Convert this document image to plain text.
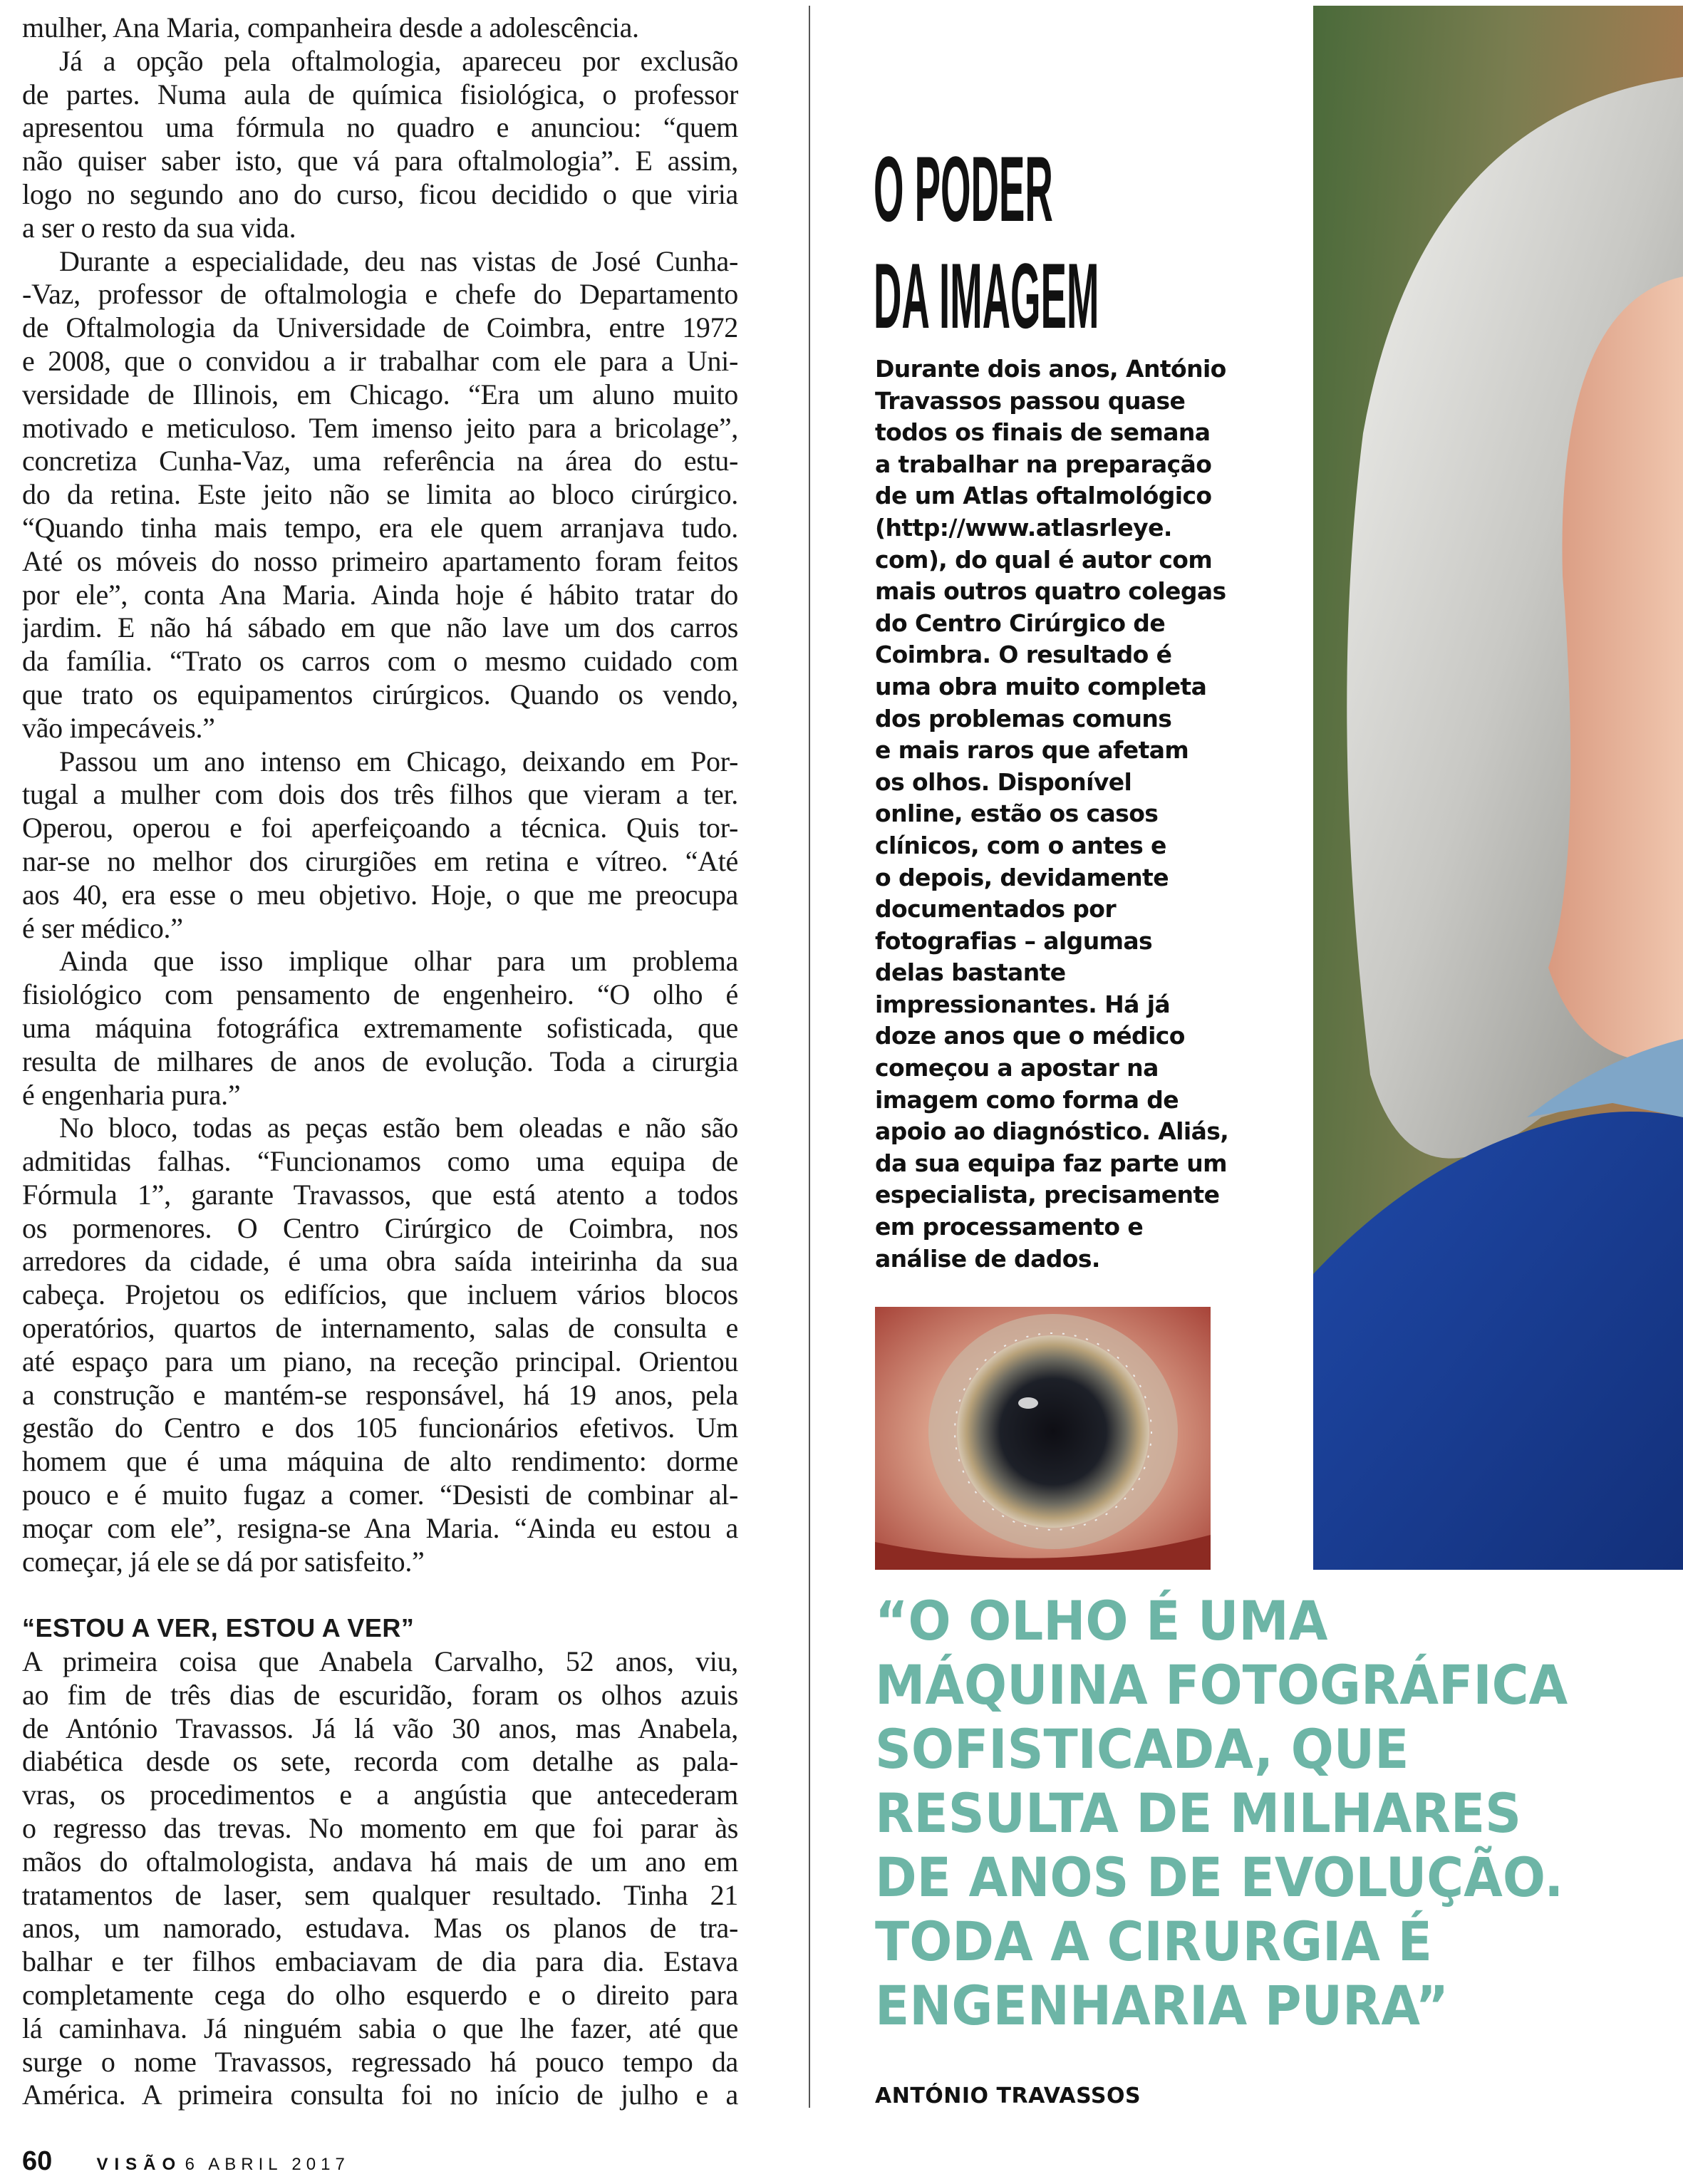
mulher, Ana Maria, companheira desde a adolescência.
Já a opção pela oftalmologia, apareceu por exclusão
de partes. Numa aula de química fisiológica, o professor
apresentou uma fórmula no quadro e anunciou: “quem
não quiser saber isto, que vá para oftalmologia”. E assim,
logo no segundo ano do curso, ficou decidido o que viria
a ser o resto da sua vida.
Durante a especialidade, deu nas vistas de José Cunha-
-Vaz, professor de oftalmologia e chefe do Departamento
de Oftalmologia da Universidade de Coimbra, entre 1972
e 2008, que o convidou a ir trabalhar com ele para a Uni-
versidade de Illinois, em Chicago. “Era um aluno muito
motivado e meticuloso. Tem imenso jeito para a bricolage”,
concretiza Cunha-Vaz, uma referência na área do estu-
do da retina. Este jeito não se limita ao bloco cirúrgico.
“Quando tinha mais tempo, era ele quem arranjava tudo.
Até os móveis do nosso primeiro apartamento foram feitos
por ele”, conta Ana Maria. Ainda hoje é hábito tratar do
jardim. E não há sábado em que não lave um dos carros
da família. “Trato os carros com o mesmo cuidado com
que trato os equipamentos cirúrgicos. Quando os vendo,
vão impecáveis.”
Passou um ano intenso em Chicago, deixando em Por-
tugal a mulher com dois dos três filhos que vieram a ter.
Operou, operou e foi aperfeiçoando a técnica. Quis tor-
nar-se no melhor dos cirurgiões em retina e vítreo. “Até
aos 40, era esse o meu objetivo. Hoje, o que me preocupa
é ser médico.”
Ainda que isso implique olhar para um problema
fisiológico com pensamento de engenheiro. “O olho é
uma máquina fotográfica extremamente sofisticada, que
resulta de milhares de anos de evolução. Toda a cirurgia
é engenharia pura.”
No bloco, todas as peças estão bem oleadas e não são
admitidas falhas. “Funcionamos como uma equipa de
Fórmula 1”, garante Travassos, que está atento a todos
os pormenores. O Centro Cirúrgico de Coimbra, nos
arredores da cidade, é uma obra saída inteirinha da sua
cabeça. Projetou os edifícios, que incluem vários blocos
operatórios, quartos de internamento, salas de consulta e
até espaço para um piano, na receção principal. Orientou
a construção e mantém-se responsável, há 19 anos, pela
gestão do Centro e dos 105 funcionários efetivos. Um
homem que é uma máquina de alto rendimento: dorme
pouco e é muito fugaz a comer. “Desisti de combinar al-
moçar com ele”, resigna-se Ana Maria. “Ainda eu estou a
começar, já ele se dá por satisfeito.”
“ESTOU A VER, ESTOU A VER”
A primeira coisa que Anabela Carvalho, 52 anos, viu,
ao fim de três dias de escuridão, foram os olhos azuis
de António Travassos. Já lá vão 30 anos, mas Anabela,
diabética desde os sete, recorda com detalhe as pala-
vras, os procedimentos e a angústia que antecederam
o regresso das trevas. No momento em que foi parar às
mãos do oftalmologista, andava há mais de um ano em
tratamentos de laser, sem qualquer resultado. Tinha 21
anos, um namorado, estudava. Mas os planos de tra-
balhar e ter filhos embaciavam de dia para dia. Estava
completamente cega do olho esquerdo e o direito para
lá caminhava. Já ninguém sabia o que lhe fazer, até que
surge o nome Travassos, regressado há pouco tempo da
América. A primeira consulta foi no início de julho e a
O PODER
DA IMAGEM
Durante dois anos, António
Travassos passou quase
todos os finais de semana
a trabalhar na preparação
de um Atlas oftalmológico
(http://www.atlasrleye.
com), do qual é autor com
mais outros quatro colegas
do Centro Cirúrgico de
Coimbra. O resultado é
uma obra muito completa
dos problemas comuns
e mais raros que afetam
os olhos. Disponível
online, estão os casos
clínicos, com o antes e
o depois, devidamente
documentados por
fotografias – algumas
delas bastante
impressionantes. Há já
doze anos que o médico
começou a apostar na
imagem como forma de
apoio ao diagnóstico. Aliás,
da sua equipa faz parte um
especialista, precisamente
em processamento e
análise de dados.
“O OLHO É UMA
MÁQUINA FOTOGRÁFICA
SOFISTICADA, QUE
RESULTA DE MILHARES
DE ANOS DE EVOLUÇÃO.
TODA A CIRURGIA É
ENGENHARIA PURA”
ANTÓNIO TRAVASSOS
60	VISÃO 6 ABRIL 2017
